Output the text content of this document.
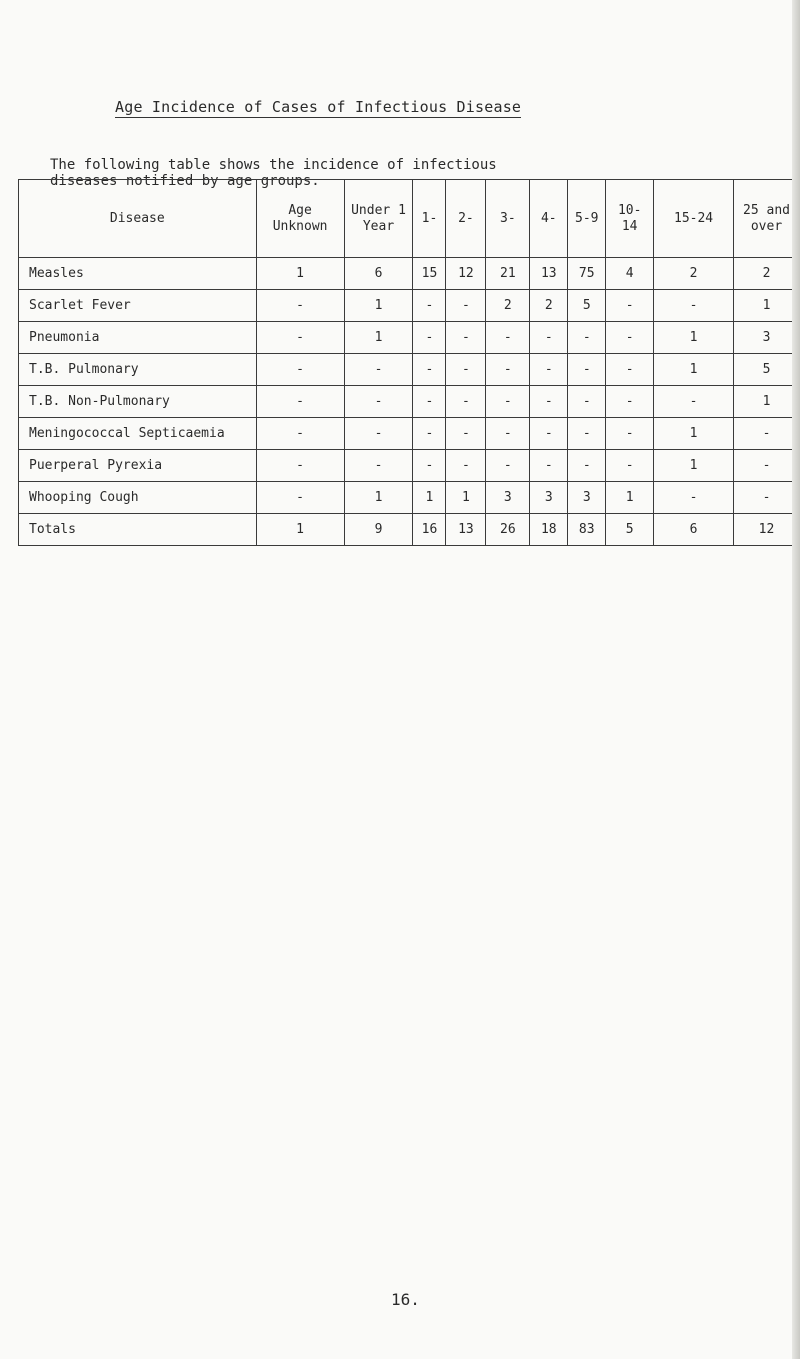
Age Incidence of Cases of Infectious Disease
The following table shows the incidence of infectious
diseases notified by age groups.
Disease	Age Unknown	Under 1 Year	1-	2-	3-	4-	5-9	10-14	15-24	25 and over
Measles	1	6	15	12	21	13	75	4	2	2
Scarlet Fever	-	1	-	-	2	2	5	-	-	1
Pneumonia	-	1	-	-	-	-	-	-	1	3
T.B. Pulmonary	-	-	-	-	-	-	-	-	1	5
T.B. Non-Pulmonary	-	-	-	-	-	-	-	-	-	1
Meningococcal Septicaemia	-	-	-	-	-	-	-	-	1	-
Puerperal Pyrexia	-	-	-	-	-	-	-	-	1	-
Whooping Cough	-	1	1	1	3	3	3	1	-	-
Totals	1	9	16	13	26	18	83	5	6	12
16.
